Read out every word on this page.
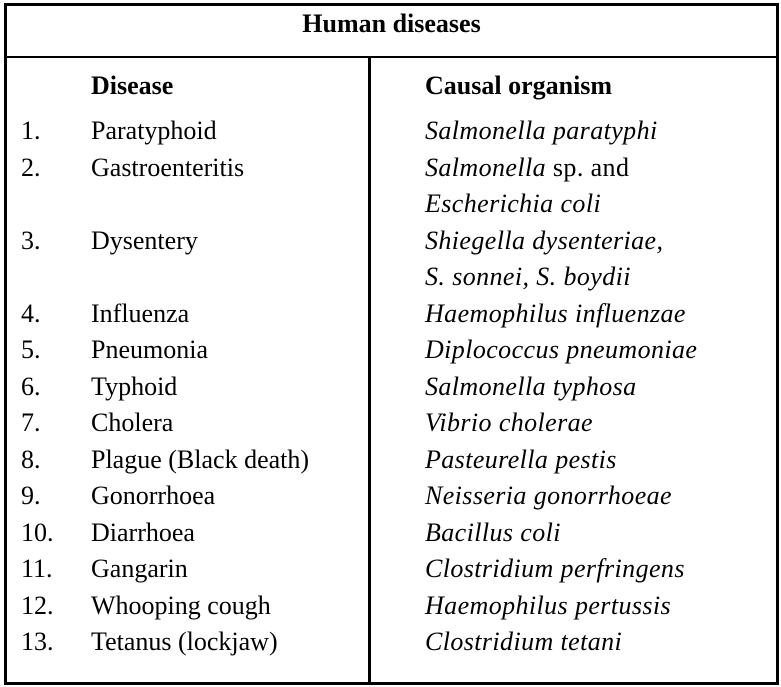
Human diseases
Disease	Causal organism
1. Paratyphoid	Salmonella paratyphi
2. Gastroenteritis	Salmonella sp. and
Escherichia coli
3. Dysentery	Shiegella dysenteriae,
S. sonnei, S. boydii
4. Influenza	Haemophilus influenzae
5. Pneumonia	Diplococcus pneumoniae
6. Typhoid	Salmonella typhosa
7. Cholera	Vibrio cholerae
8. Plague (Black death)	Pasteurella pestis
9. Gonorrhoea	Neisseria gonorrhoeae
10. Diarrhoea	Bacillus coli
11. Gangarin	Clostridium perfringens
12. Whooping cough	Haemophilus pertussis
13. Tetanus (lockjaw)	Clostridium tetani
